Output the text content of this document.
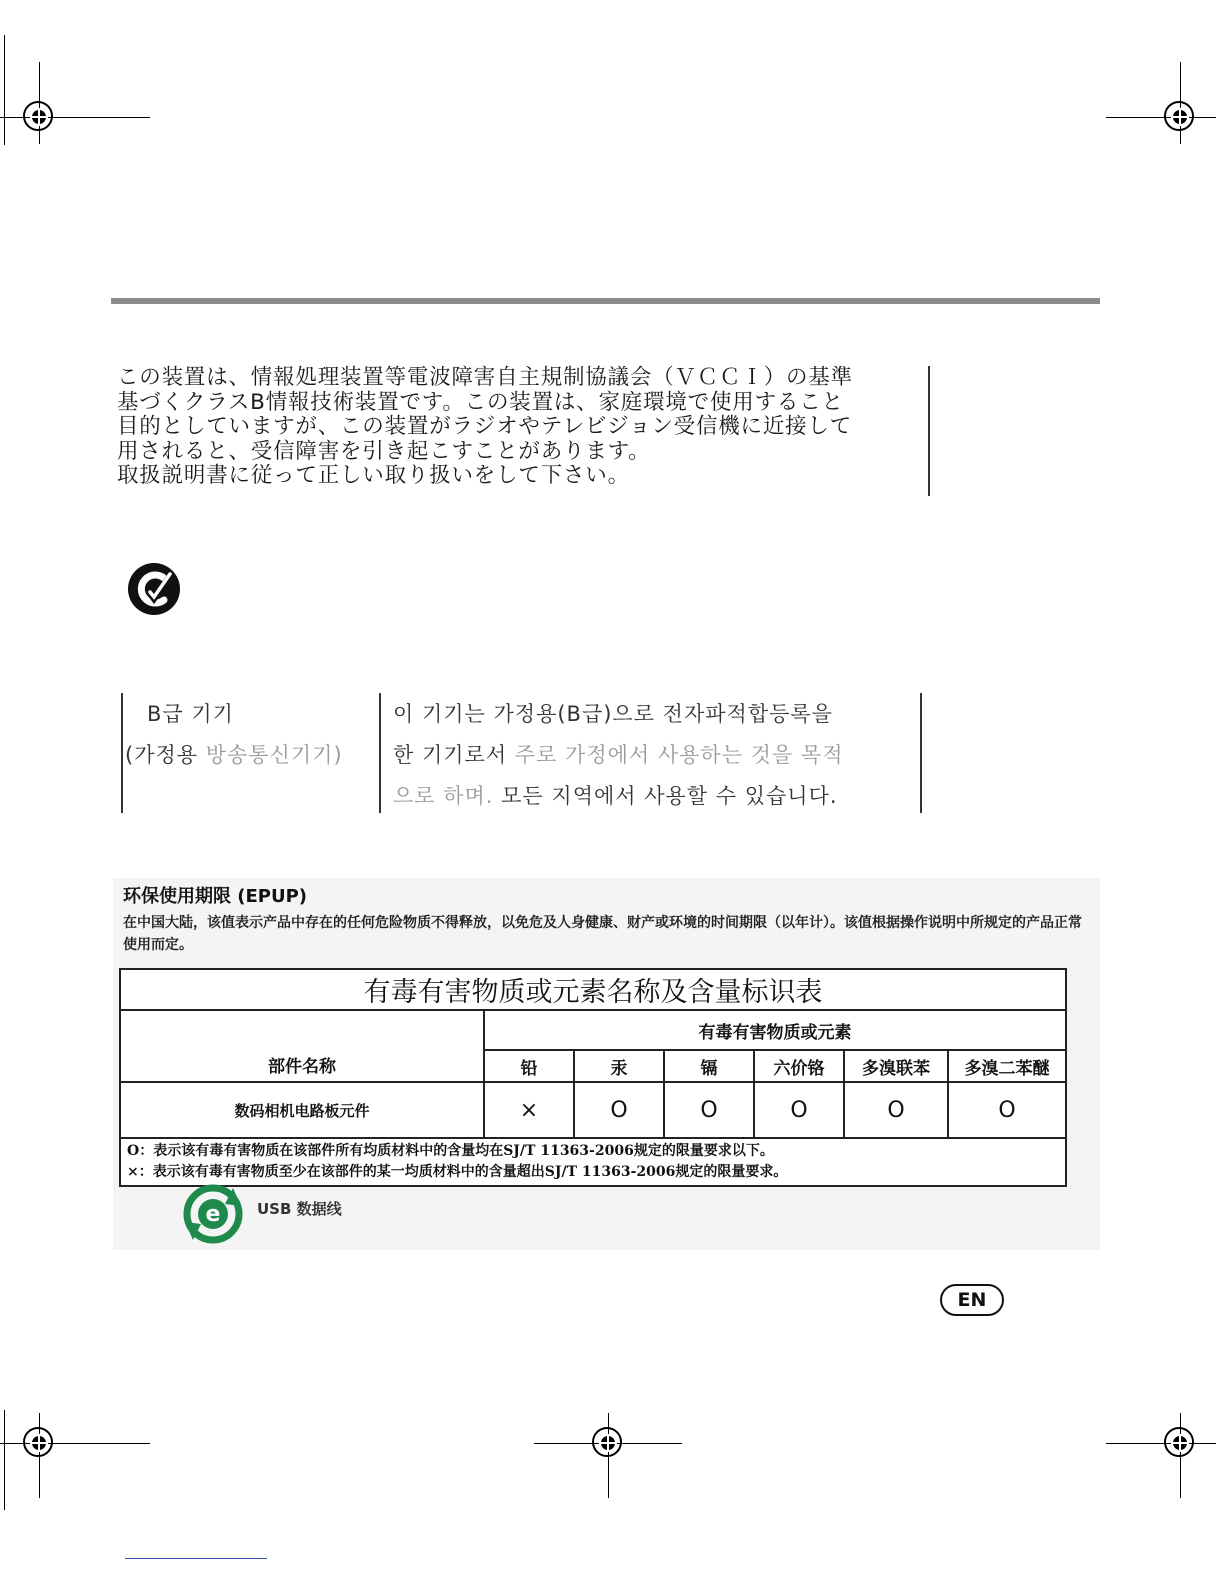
この装置は、情報処理装置等電波障害自主規制協議会（ＶＣＣＩ）の基準

基づくクラスB情報技術装置です。この装置は、家庭環境で使用すること

目的としていますが、この装置がラジオやテレビジョン受信機に近接して

用されると、受信障害を引き起こすことがあります。

取扱説明書に従って正しい取り扱いをして下さい。

B급 기기
(가정용 방송통신기기)
이 기기는 가정용(B급)으로 전자파적합등록을
한 기기로서 주로 가정에서 사용하는 것을 목적
으로 하며. 모든 지역에서 사용할 수 있습니다.
环保使用期限 (EPUP)
在中国大陆，该值表示产品中存在的任何危险物质不得释放，以免危及人身健康、财产或环境的时间期限（以年计）。该值根据操作说明中所规定的产品正常使用而定。
有毒有害物质或元素名称及含量标识表						
部件名称	有毒有害物质或元素					
	铅	汞	镉	六价铬	多溴联苯	多溴二苯醚
数码相机电路板元件	×	O	O	O	O	O

O：表示该有毒有害物质在该部件所有均质材料中的含量均在SJ/T 11363-2006规定的限量要求以下。
×：表示该有毒有害物质至少在该部件的某一均质材料中的含量超出SJ/T 11363-2006规定的限量要求。						
e USB 数据线
EN
